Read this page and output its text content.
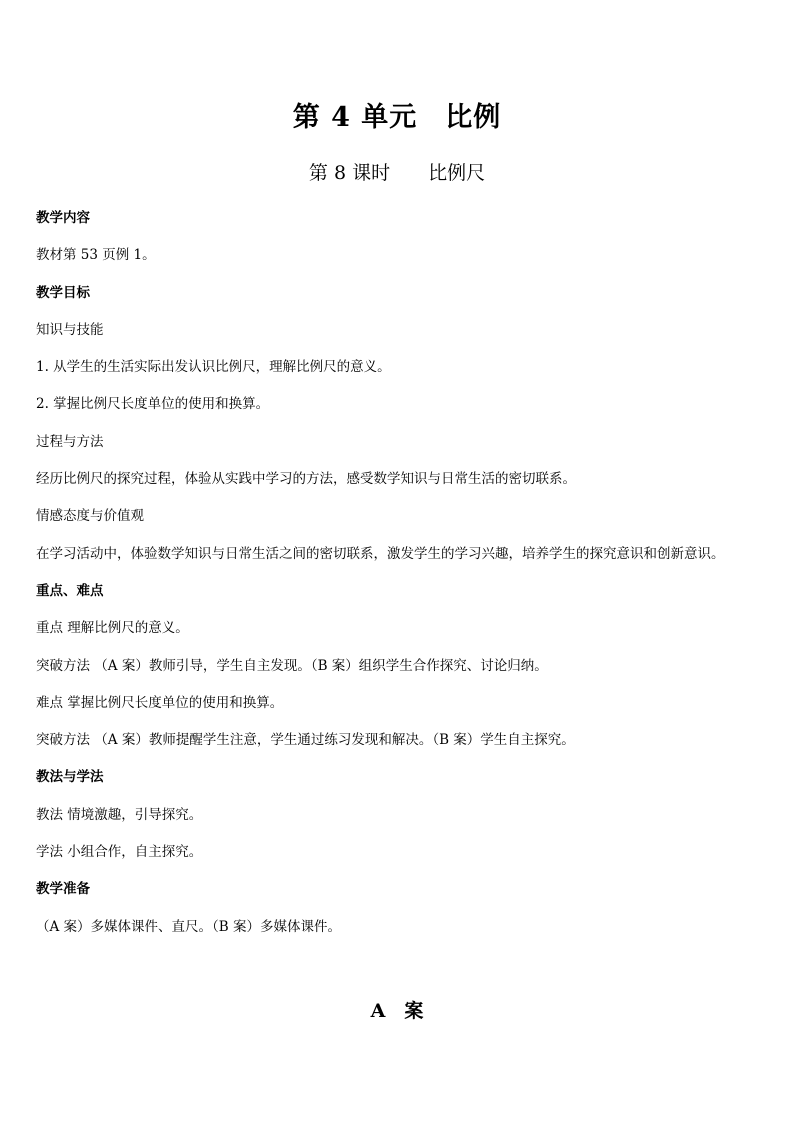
第 4 单元　比例
第 8 课时　　比例尺
教学内容
教材第 53 页例 1。
教学目标
知识与技能
1. 从学生的生活实际出发认识比例尺，理解比例尺的意义。
2. 掌握比例尺长度单位的使用和换算。
过程与方法
经历比例尺的探究过程，体验从实践中学习的方法，感受数学知识与日常生活的密切联系。
情感态度与价值观
在学习活动中，体验数学知识与日常生活之间的密切联系，激发学生的学习兴趣，培养学生的探究意识和创新意识。
重点、难点
重点 理解比例尺的意义。
突破方法 （A 案）教师引导，学生自主发现。（B 案）组织学生合作探究、讨论归纳。
难点 掌握比例尺长度单位的使用和换算。
突破方法 （A 案）教师提醒学生注意，学生通过练习发现和解决。（B 案）学生自主探究。
教法与学法
教法 情境激趣，引导探究。
学法 小组合作，自主探究。
教学准备
（A 案）多媒体课件、直尺。（B 案）多媒体课件。
A　案
